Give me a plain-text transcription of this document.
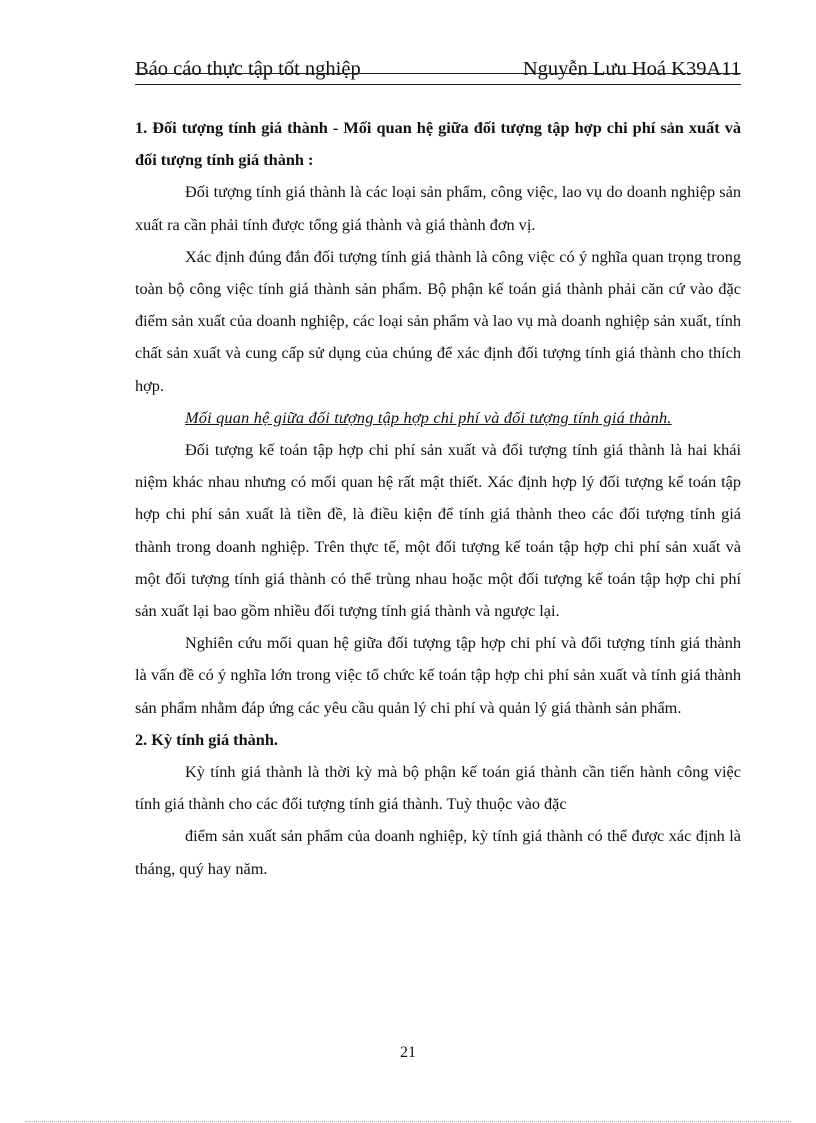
Báo cáo thực tập tốt nghiệp	Nguyễn Lưu Hoá K39A11

1. Đối tượng tính giá thành - Mối quan hệ giữa đối tượng tập hợp chi phí sản xuất và đối tượng tính giá thành :

Đối tượng tính giá thành là các loại sản phẩm, công việc, lao vụ do doanh nghiệp sản xuất ra cần phải tính được tổng giá thành và giá thành đơn vị.

Xác định đúng đắn đối tượng tính giá thành là công việc có ý nghĩa quan trọng trong toàn bộ công việc tính giá thành sản phẩm. Bộ phận kế toán giá thành phải căn cứ vào đặc điểm sản xuất của doanh nghiệp, các loại sản phẩm và lao vụ mà doanh nghiệp sản xuất, tính chất sản xuất và cung cấp sử dụng của chúng để xác định đối tượng tính giá thành cho thích hợp.

Mối quan hệ giữa đối tượng tập hợp chi phí và đối tượng tính giá thành.

Đối tượng kế toán tập hợp chi phí sản xuất và đối tượng tính giá thành là hai khái niệm khác nhau nhưng có mối quan hệ rất mật thiết. Xác định hợp lý đối tượng kế toán tập hợp chi phí sản xuất là tiền đề, là điều kiện để tính giá thành theo các đối tượng tính giá thành trong doanh nghiệp. Trên thực tế, một đối tượng kế toán tập hợp chi phí sản xuất và một đối tượng tính giá thành có thể trùng nhau hoặc một đối tượng kế toán tập hợp chi phí sản xuất lại bao gồm nhiều đối tượng tính giá thành và ngược lại.

Nghiên cứu mối quan hệ giữa đối tượng tập hợp chi phí và đối tượng tính giá thành là vấn đề có ý nghĩa lớn trong việc tổ chức kế toán tập hợp chi phí sản xuất và tính giá thành sản phẩm nhằm đáp ứng các yêu cầu quản lý chi phí và quản lý giá thành sản phẩm.

2. Kỳ tính giá thành.

Kỳ tính giá thành là thời kỳ mà bộ phận kế toán giá thành cần tiến hành công việc tính giá thành cho các đối tượng tính giá thành. Tuỳ thuộc vào đặc

điểm sản xuất sản phẩm của doanh nghiệp, kỳ tính giá thành có thể được xác định là tháng, quý hay năm.

21
